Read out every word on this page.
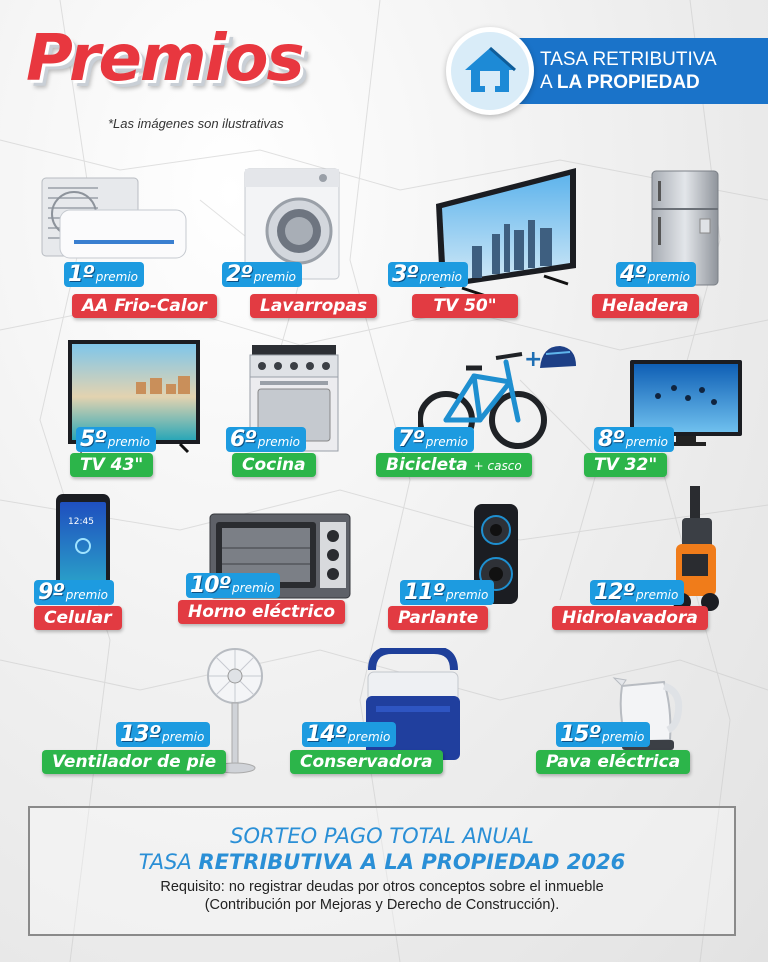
Premios
*Las imágenes son ilustrativas
TASA RETRIBUTIVA
A LA PROPIEDAD
1º premio
AA Frio-Calor
2º premio
Lavarropas
3º premio
TV 50"
4º premio
Heladera
5º premio
TV 43"
6º premio
Cocina
+
7º premio
Bicicleta + casco
8º premio
TV 32"
12:45
9º premio
Celular
10º premio
Horno eléctrico
11º premio
Parlante
12º premio
Hidrolavadora
13º premio
Ventilador de pie
14º premio
Conservadora
15º premio
Pava eléctrica
SORTEO PAGO TOTAL ANUAL
TASA RETRIBUTIVA A LA PROPIEDAD 2026
Requisito: no registrar deudas por otros conceptos sobre el inmueble
(Contribución por Mejoras y Derecho de Construcción).
